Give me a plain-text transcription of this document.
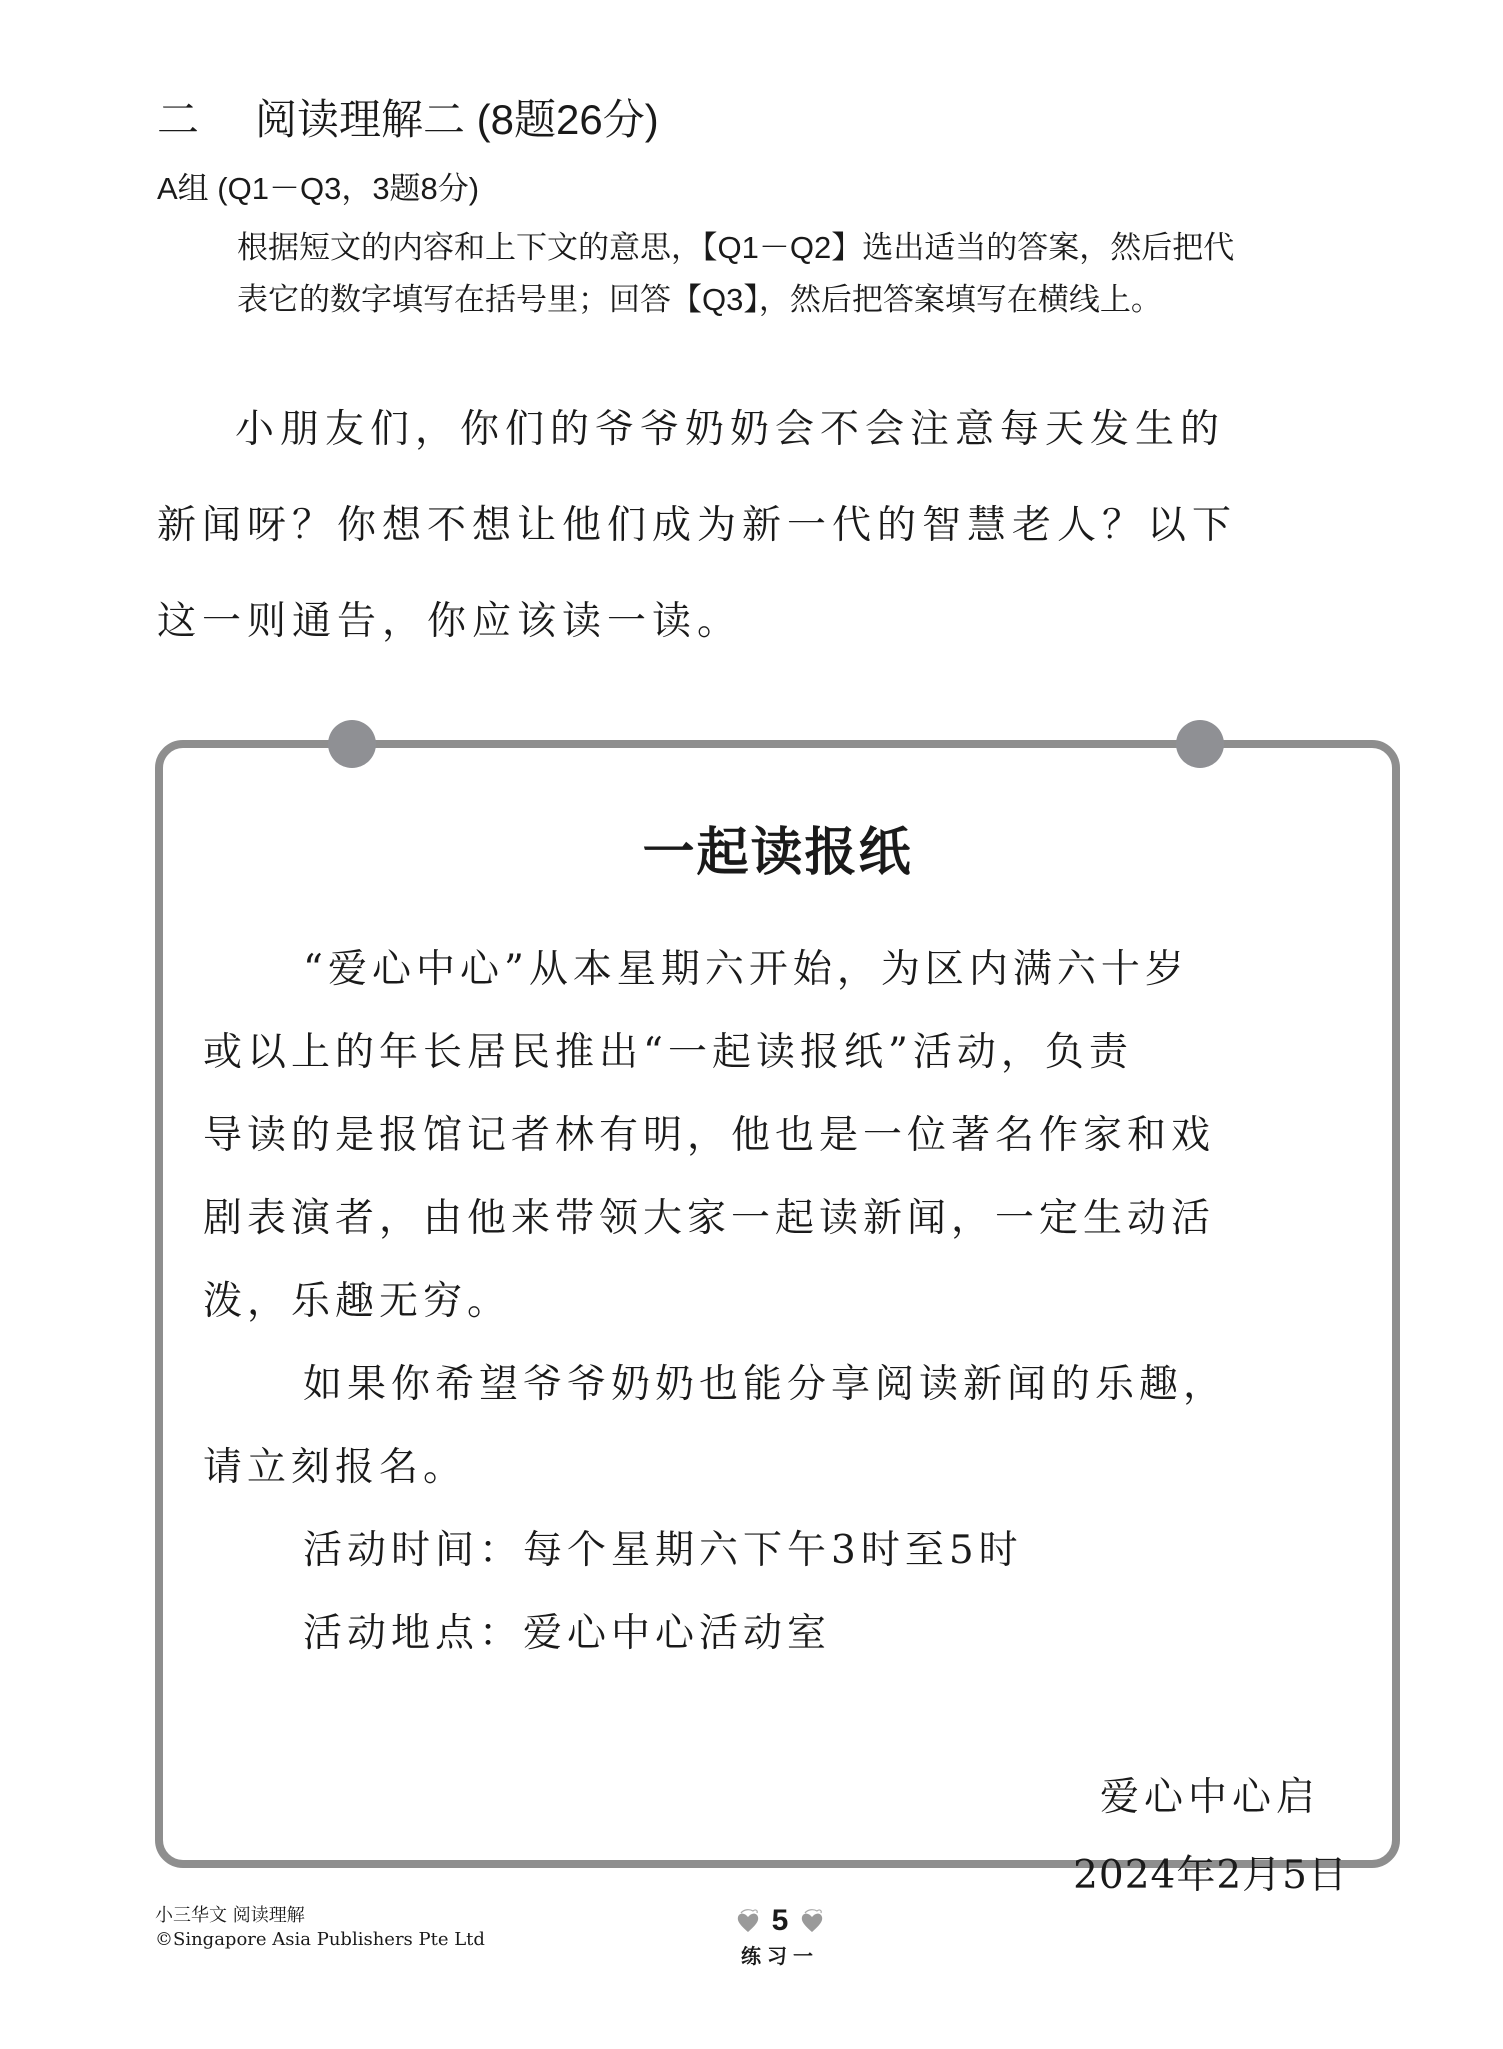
二 阅读理解二 (8题26分)
A组 (Q1－Q3，3题8分)
根据短文的内容和上下文的意思，【Q1－Q2】选出适当的答案，然后把代
表它的数字填写在括号里；回答【Q3】，然后把答案填写在横线上。
小朋友们，你们的爷爷奶奶会不会注意每天发生的
新闻呀？你想不想让他们成为新一代的智慧老人？以下
这一则通告，你应该读一读。
一起读报纸
“爱心中心”从本星期六开始，为区内满六十岁
或以上的年长居民推出“一起读报纸”活动，负责
导读的是报馆记者林有明，他也是一位著名作家和戏
剧表演者，由他来带领大家一起读新闻，一定生动活
泼，乐趣无穷。
如果你希望爷爷奶奶也能分享阅读新闻的乐趣，
请立刻报名。
活动时间：每个星期六下午3时至5时
活动地点：爱心中心活动室
爱心中心启
2024年2月5日
小三华文 阅读理解
©Singapore Asia Publishers Pte Ltd
5
练习一
